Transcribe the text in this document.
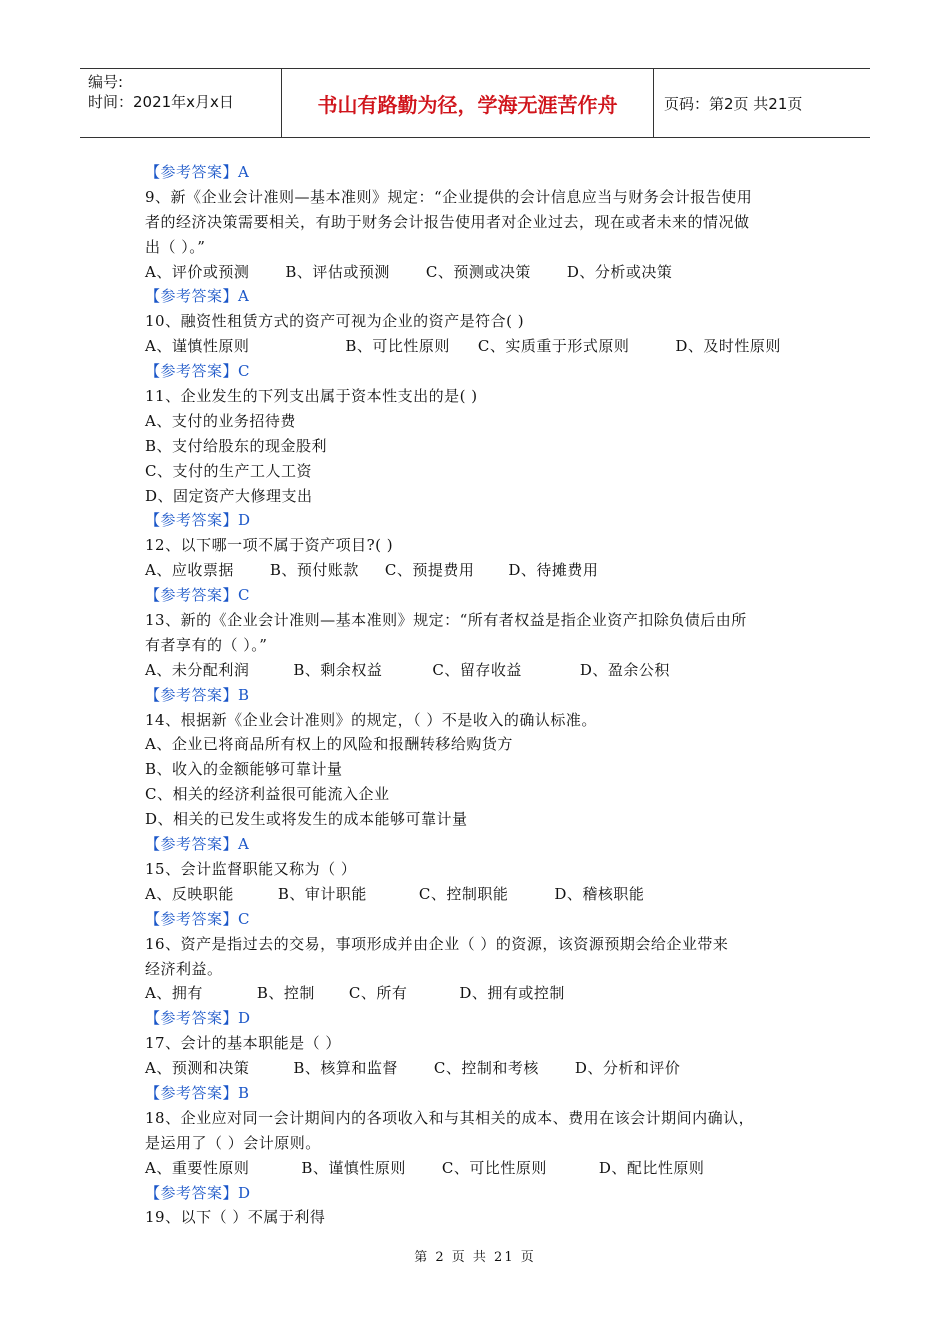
编号:
时间：2021年x月x日	书山有路勤为径，学海无涯苦作舟	页码：第2页 共21页
【参考答案】A
9、新《企业会计准则—基本准则》规定：“企业提供的会计信息应当与财务会计报告使用
者的经济决策需要相关，有助于财务会计报告使用者对企业过去，现在或者未来的情况做
出（ ）。”
A、评价或预测 B、评估或预测 C、预测或决策 D、分析或决策
【参考答案】A
10、融资性租赁方式的资产可视为企业的资产是符合( )
A、谨慎性原则	B、可比性原则 C、实质重于形式原则	D、及时性原则
【参考答案】C
11、企业发生的下列支出属于资本性支出的是( )
A、支付的业务招待费
B、支付给股东的现金股利
C、支付的生产工人工资
D、固定资产大修理支出
【参考答案】D
12、以下哪一项不属于资产项目?( )
A、应收票据 B、预付账款 C、预提费用 D、待摊费用
【参考答案】C
13、新的《企业会计准则—基本准则》规定：“所有者权益是指企业资产扣除负债后由所
有者享有的（ ）。”
A、未分配利润	B、剩余权益	C、留存收益	D、盈余公积
【参考答案】B
14、根据新《企业会计准则》的规定，（ ）不是收入的确认标准。
A、企业已将商品所有权上的风险和报酬转移给购货方
B、收入的金额能够可靠计量
C、相关的经济利益很可能流入企业
D、相关的已发生或将发生的成本能够可靠计量
【参考答案】A
15、会计监督职能又称为（ ）
A、反映职能	B、审计职能	C、控制职能	D、稽核职能
【参考答案】C
16、资产是指过去的交易，事项形成并由企业（ ）的资源，该资源预期会给企业带来
经济利益。
A、拥有	B、控制 C、所有	D、拥有或控制
【参考答案】D
17、会计的基本职能是（ ）
A、预测和决策	B、核算和监督 C、控制和考核 D、分析和评价
【参考答案】B
18、企业应对同一会计期间内的各项收入和与其相关的成本、费用在该会计期间内确认，
是运用了（ ）会计原则。
A、重要性原则	B、谨慎性原则 C、可比性原则	D、配比性原则
【参考答案】D
19、以下（ ）不属于利得
第 2 页 共 21 页
